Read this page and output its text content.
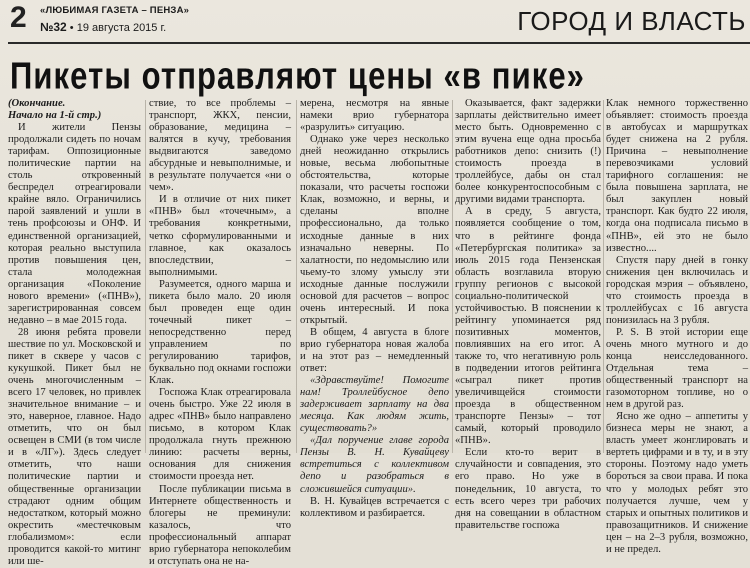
2 «ЛЮБИМАЯ ГАЗЕТА – ПЕНЗА»
№32 • 19 августа 2015 г.	ГОРОД И ВЛАСТЬ
Пикеты отправляют цены «в пике»

(Окончание.

Начало на 1-й стр.)

И жители Пензы продолжали сидеть по ночам тарифам. Оппозиционные политические партии на столь откровенный беспредел отреагировали крайне вяло. Ограничились парой заявлений и ушли в тень профсоюзы и ОНФ. И единственной организацией, которая реально выступила против повышения цен, стала молодежная организация «Поколение нового времени» («ПНВ»), зарегистрированная совсем недавно – в мае 2015 года.

28 июня ребята провели шествие по ул. Московской и пикет в сквере у часов с кукушкой. Пикет был не очень многочисленным – всего 17 человек, но привлек значительное внимание – и это, наверное, главное. Надо отметить, что он был освещен в СМИ (в том числе и в «ЛГ»). Здесь следует отметить, что наши политические партии и общественные организации страдают одним общим недостатком, который можно окрестить «местечковым глобализмом»: если проводится какой-то митинг или ше-

ствие, то все проблемы – транспорт, ЖКХ, пенсии, образование, медицина – валятся в кучу, требования выдвигаются заведомо абсурдные и невыполнимые, и в результате получается «ни о чем».

И в отличие от них пикет «ПНВ» был «точечным», а требования конкретными, четко сформулированными и главное, как оказалось впоследствии, – выполнимыми.

Разумеется, одного марша и пикета было мало. 20 июля был проведен еще один точечный пикет – непосредственно перед управлением по регулированию тарифов, буквально под окнами госпожи Клак.

Госпожа Клак отреагировала очень быстро. Уже 22 июля в адрес «ПНВ» было направлено письмо, в котором Клак продолжала гнуть прежнюю линию: расчеты верны, основания для снижения стоимости проезда нет.

После публикации письма в Интернете общественность и блогеры не преминули: казалось, что профессиональный аппарат врио губернатора непоколебим и отступать она не на-

мерена, несмотря на явные намеки врио губернатора «разрулить» ситуацию.

Однако уже через несколько дней неожиданно открылись новые, весьма любопытные обстоятельства, которые показали, что расчеты госпожи Клак, возможно, и верны, и сделаны вполне профессионально, да только исходные данные в них изначально неверны. По халатности, по недомыслию или чьему-то злому умыслу эти исходные данные послужили основой для расчетов – вопрос очень интересный. И пока открытый.

В общем, 4 августа в блоге врио губернатора новая жалоба и на этот раз – немедленный ответ:

«Здравствуйте! Помогите нам! Троллейбусное депо задерживает зарплату на два месяца. Как людям жить, существовать?»

«Дал поручение главе города Пензы В. Н. Кувайцеву встретиться с коллективом депо и разобраться в сложившейся ситуации».

В. Н. Кувайцев встречается с коллективом и разбирается.

Оказывается, факт задержки зарплаты действительно имеет место быть. Одновременно с этим вучена еще одна просьба работников депо: снизить (!) стоимость проезда в троллейбусе, дабы он стал более конкурентоспособным с другими видами транспорта.

А в среду, 5 августа, появляется сообщение о том, что в рейтинге фонда «Петербургская политика» за июль 2015 года Пензенская область возглавила вторую группу регионов с высокой социально-политической устойчивостью. В пояснении к рейтингу упоминается ряд позитивных моментов, повлиявших на его итог. А также то, что негативную роль в подведении итогов рейтинга «сыграл пикет против увеличивщейся стоимости проезда в общественном транспорте Пензы» – тот самый, который проводило «ПНВ».

Если кто-то верит в случайности и совпадения, это его право. Но уже в понедельник, 10 августа, то есть всего через три рабочих дня на совещании в областном правительстве госпожа

Клак немного торжественно объявляет: стоимость проезда в автобусах и маршрутках будет снижена на 2 рубля. Причина – невыполнение перевозчиками условий тарифного соглашения: не была повышена зарплата, не был закуплен новый транспорт. Как будто 22 июля, когда она подписала письмо в «ПНВ», ей это не было известно....

Спустя пару дней в гонку снижения цен включилась и городская мэрия – объявлено, что стоимость проезда в троллейбусах с 16 августа понизилась на 3 рубля.

P. S. В этой истории еще очень много мутного и до конца неисследованного. Отдельная тема – общественный транспорт на газомоторном топливе, но о нем в другой раз.

Ясно же одно – аппетиты у бизнеса меры не знают, а власть умеет жонглировать и вертеть цифрами и в ту, и в эту стороны. Поэтому надо уметь бороться за свои права. И пока что у молодых ребят это получается лучше, чем у старых и опытных политиков и правозащитников. И снижение цен – на 2–3 рубля, возможно, и не предел.
